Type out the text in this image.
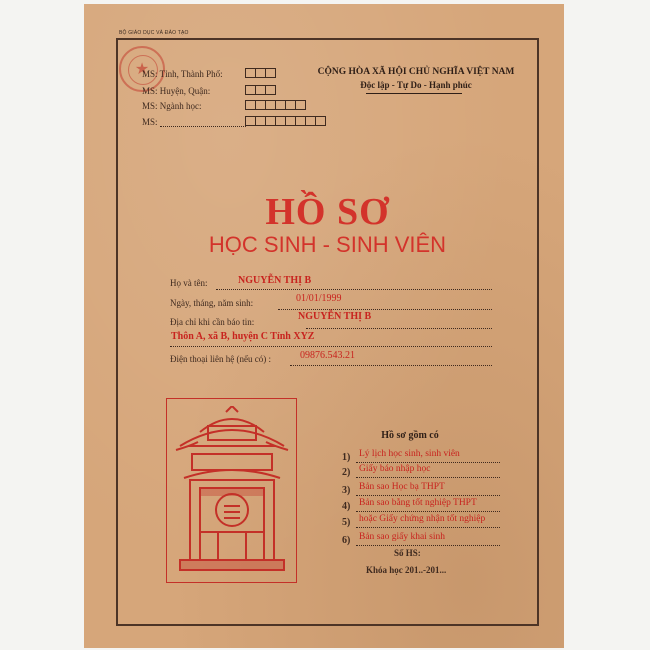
BỘ GIÁO DỤC VÀ ĐÀO TẠO
★
MS: Tỉnh, Thành Phố:
MS: Huyện, Quận:
MS: Ngành học:
MS:
CỘNG HÒA XÃ HỘI CHỦ NGHĨA VIỆT NAM
Độc lập - Tự Do - Hạnh phúc
HỒ SƠ
HỌC SINH - SINH VIÊN
Họ và tên:	NGUYỄN THỊ B
Ngày, tháng, năm sinh:	01/01/1999
Địa chỉ khi cần báo tin:	NGUYỄN THỊ B
Thôn A, xã B, huyện C Tỉnh XYZ
Điện thoại liên hệ (nếu có) :	09876.543.21
Hồ sơ gồm có
1) Lý lịch học sinh, sinh viên
2) Giấy báo nhập học
3) Bản sao Học bạ THPT
4) Bản sao bằng tốt nghiệp THPT
5) hoặc Giấy chứng nhận tốt nghiệp
6) Bản sao giấy khai sinh
Số HS:
Khóa học 201..-201...
